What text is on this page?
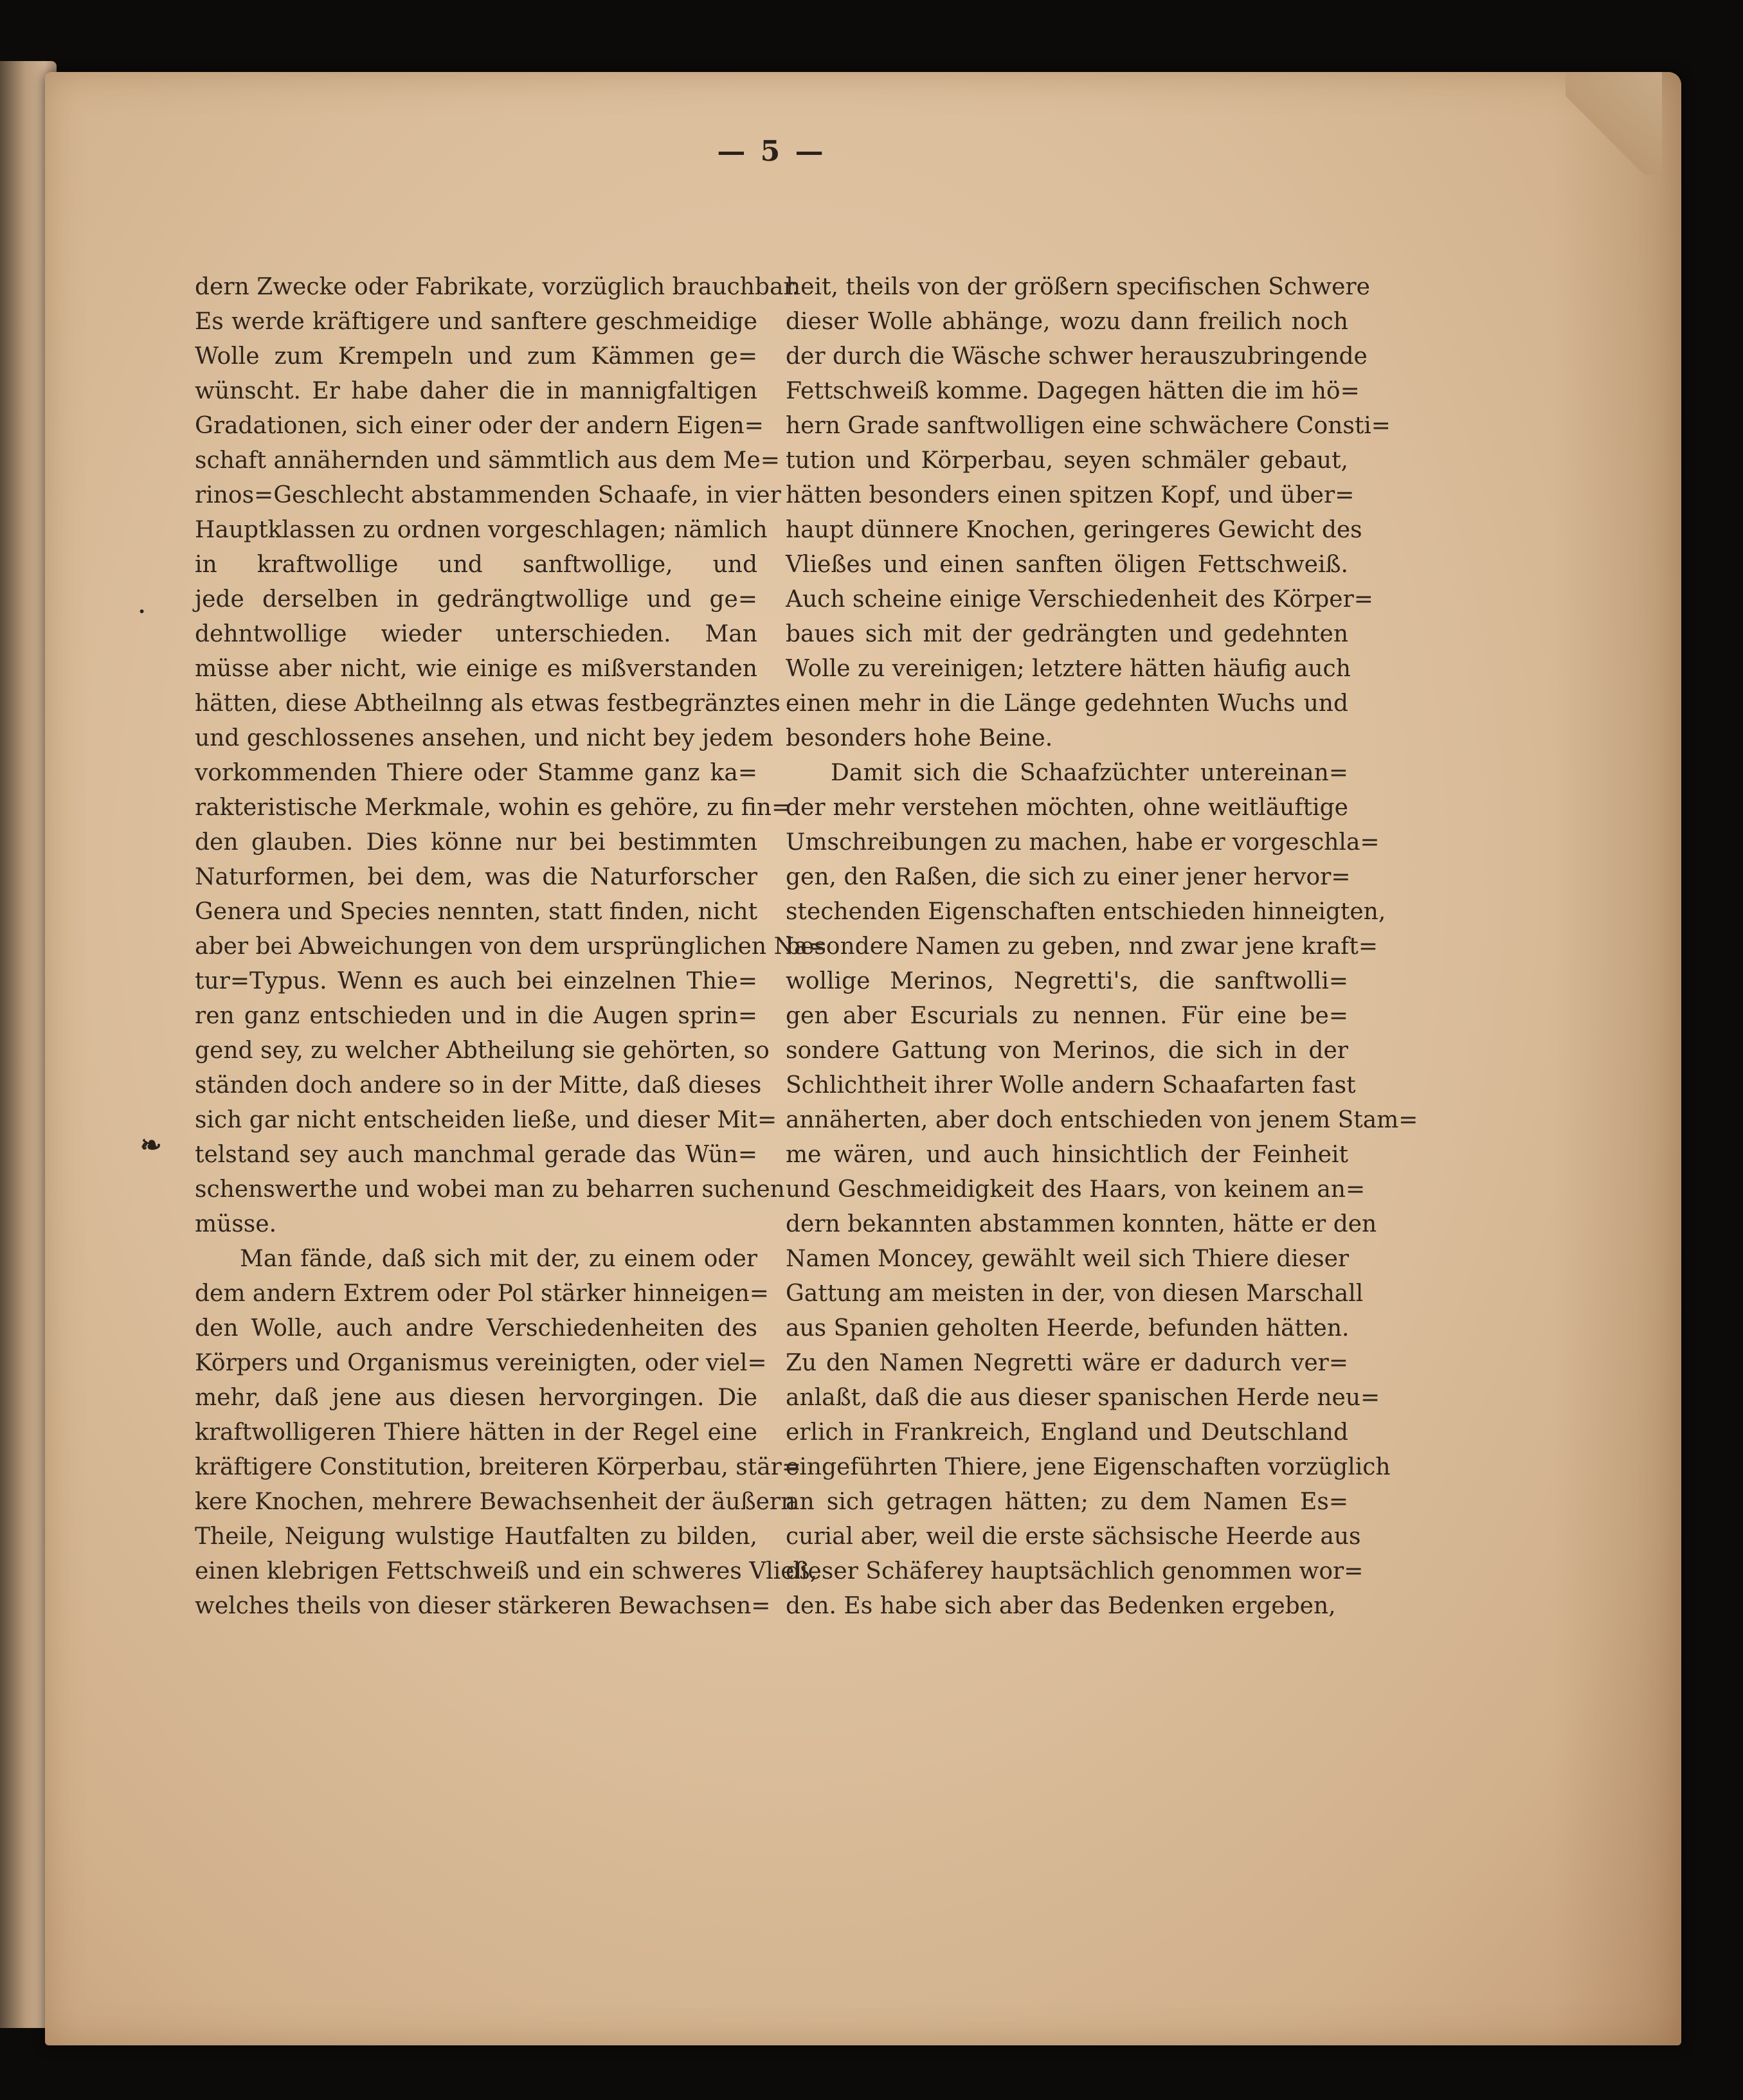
— 5 —
·
❧
dern Zwecke oder Fabrikate, vorzüglich brauchbar.
Es werde kräftigere und sanftere geschmeidige
Wolle zum Krempeln und zum Kämmen ge=
wünscht. Er habe daher die in mannigfaltigen
Gradationen, sich einer oder der andern Eigen=
schaft annähernden und sämmtlich aus dem Me=
rinos=Geschlecht abstammenden Schaafe, in vier
Hauptklassen zu ordnen vorgeschlagen; nämlich
in kraftwollige und sanftwollige, und
jede derselben in gedrängtwollige und ge=
dehntwollige wieder unterschieden. Man
müsse aber nicht, wie einige es mißverstanden
hätten, diese Abtheilnng als etwas festbegränztes
und geschlossenes ansehen, und nicht bey jedem
vorkommenden Thiere oder Stamme ganz ka=
rakteristische Merkmale, wohin es gehöre, zu fin=
den glauben. Dies könne nur bei bestimmten
Naturformen, bei dem, was die Naturforscher
Genera und Species nennten, statt finden, nicht
aber bei Abweichungen von dem ursprünglichen Na=
tur=Typus. Wenn es auch bei einzelnen Thie=
ren ganz entschieden und in die Augen sprin=
gend sey, zu welcher Abtheilung sie gehörten, so
ständen doch andere so in der Mitte, daß dieses
sich gar nicht entscheiden ließe, und dieser Mit=
telstand sey auch manchmal gerade das Wün=
schenswerthe und wobei man zu beharren suchen
müsse.
Man fände, daß sich mit der, zu einem oder
dem andern Extrem oder Pol stärker hinneigen=
den Wolle, auch andre Verschiedenheiten des
Körpers und Organismus vereinigten, oder viel=
mehr, daß jene aus diesen hervorgingen. Die
kraftwolligeren Thiere hätten in der Regel eine
kräftigere Constitution, breiteren Körperbau, stär=
kere Knochen, mehrere Bewachsenheit der äußern
Theile, Neigung wulstige Hautfalten zu bilden,
einen klebrigen Fettschweiß und ein schweres Vließ,
welches theils von dieser stärkeren Bewachsen=
heit, theils von der größern specifischen Schwere
dieser Wolle abhänge, wozu dann freilich noch
der durch die Wäsche schwer herauszubringende
Fettschweiß komme. Dagegen hätten die im hö=
hern Grade sanftwolligen eine schwächere Consti=
tution und Körperbau, seyen schmäler gebaut,
hätten besonders einen spitzen Kopf, und über=
haupt dünnere Knochen, geringeres Gewicht des
Vließes und einen sanften öligen Fettschweiß.
Auch scheine einige Verschiedenheit des Körper=
baues sich mit der gedrängten und gedehnten
Wolle zu vereinigen; letztere hätten häufig auch
einen mehr in die Länge gedehnten Wuchs und
besonders hohe Beine.
Damit sich die Schaafzüchter untereinan=
der mehr verstehen möchten, ohne weitläuftige
Umschreibungen zu machen, habe er vorgeschla=
gen, den Raßen, die sich zu einer jener hervor=
stechenden Eigenschaften entschieden hinneigten,
besondere Namen zu geben, nnd zwar jene kraft=
wollige Merinos, Negretti's, die sanftwolli=
gen aber Escurials zu nennen. Für eine be=
sondere Gattung von Merinos, die sich in der
Schlichtheit ihrer Wolle andern Schaafarten fast
annäherten, aber doch entschieden von jenem Stam=
me wären, und auch hinsichtlich der Feinheit
und Geschmeidigkeit des Haars, von keinem an=
dern bekannten abstammen konnten, hätte er den
Namen Moncey, gewählt weil sich Thiere dieser
Gattung am meisten in der, von diesen Marschall
aus Spanien geholten Heerde, befunden hätten.
Zu den Namen Negretti wäre er dadurch ver=
anlaßt, daß die aus dieser spanischen Herde neu=
erlich in Frankreich, England und Deutschland
eingeführten Thiere, jene Eigenschaften vorzüglich
an sich getragen hätten; zu dem Namen Es=
curial aber, weil die erste sächsische Heerde aus
dieser Schäferey hauptsächlich genommen wor=
den. Es habe sich aber das Bedenken ergeben,
